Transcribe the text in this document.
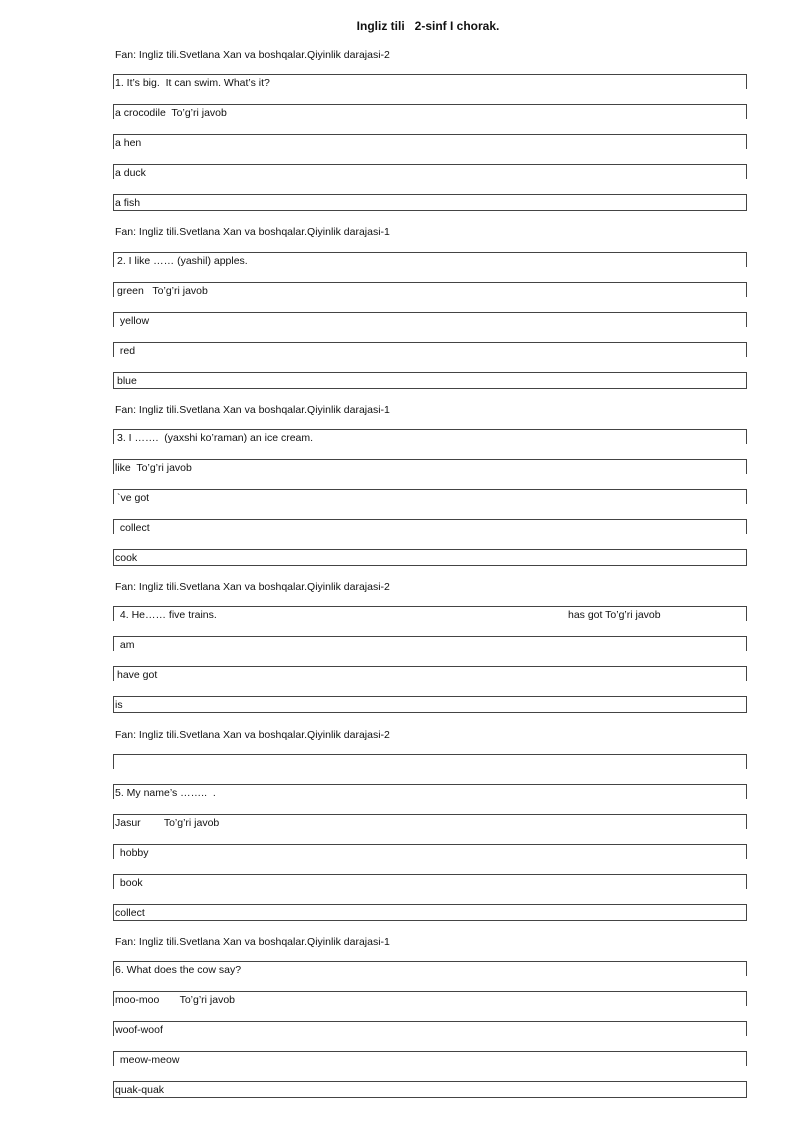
Ingliz tili   2-sinf I chorak.
Fan: Ingliz tili.Svetlana Xan va boshqalar.Qiyinlik darajasi-2
1. It’s big.  It can swim. What’s it?
a crocodile  To’g’ri javob
a hen
a duck
a fish
Fan: Ingliz tili.Svetlana Xan va boshqalar.Qiyinlik darajasi-1
2. I like …… (yashil) apples.
green   To’g’ri javob
yellow
red
blue
Fan: Ingliz tili.Svetlana Xan va boshqalar.Qiyinlik darajasi-1
3. I …….  (yaxshi ko’raman) an ice cream.
like  To’g’ri javob
`ve got
collect
cook
Fan: Ingliz tili.Svetlana Xan va boshqalar.Qiyinlik darajasi-2
4. He…… five trains.	has got To’g’ri javob
am
have got
is
Fan: Ingliz tili.Svetlana Xan va boshqalar.Qiyinlik darajasi-2
5. My name’s ……..  .
Jasur        To’g’ri javob
hobby
book
collect
Fan: Ingliz tili.Svetlana Xan va boshqalar.Qiyinlik darajasi-1
6. What does the cow say?
moo-moo       To’g’ri javob
woof-woof
meow-meow
quak-quak
